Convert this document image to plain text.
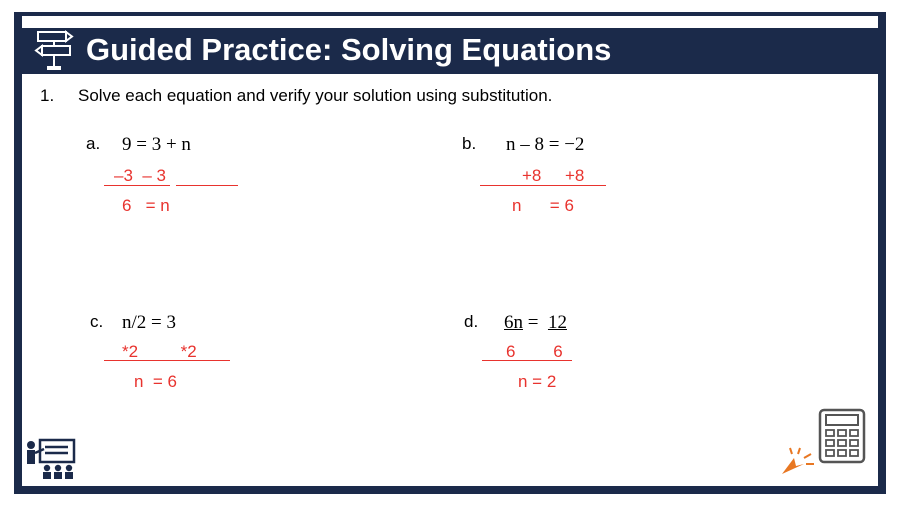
Guided Practice: Solving Equations
1. Solve each equation and verify your solution using substitution.
a. 9 = 3 + n
–3  – 3
6   = n
b. n – 8 = −2
+8     +8
n      = 6
c. n/2 = 3
*2         *2
n  = 6
d. 6n =  12
6        6
n = 2
